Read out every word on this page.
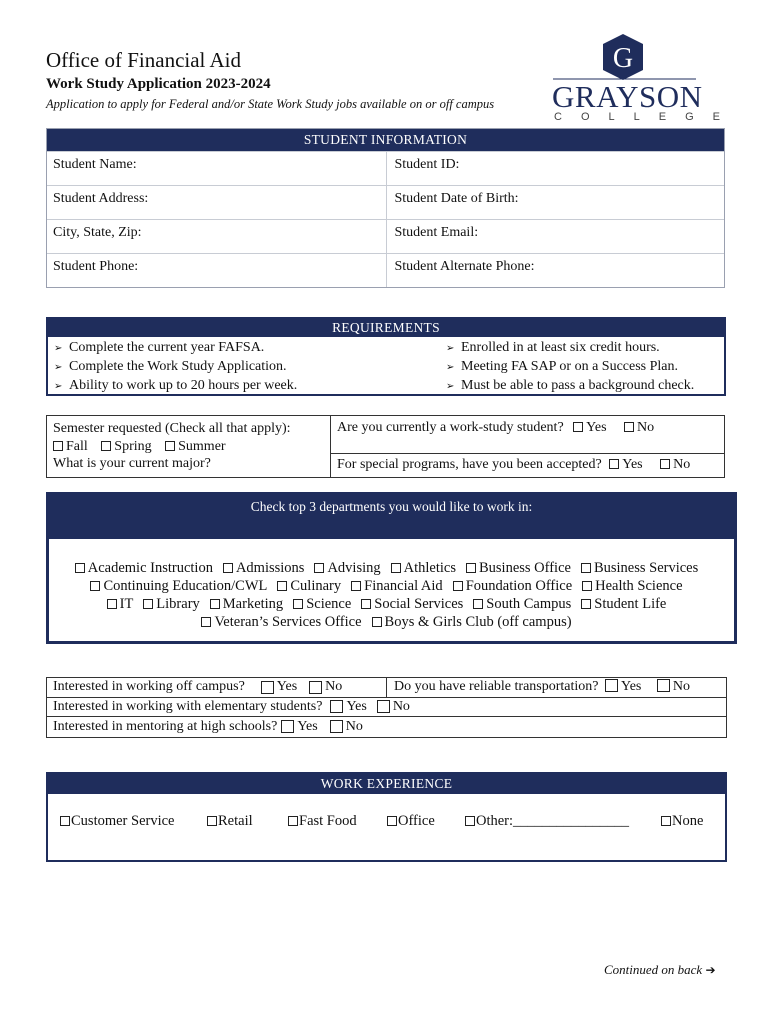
Office of Financial Aid
Work Study Application 2023-2024
Application to apply for Federal and/or State Work Study jobs available on or off campus
G
GRAYSON
COLLEGE
STUDENT INFORMATION
Student Name:	Student ID:
Student Address:	Student Date of Birth:
City, State, Zip:	Student Email:
Student Phone:	Student Alternate Phone:
REQUIREMENTS
➢ Complete the current year FAFSA.
➢ Complete the Work Study Application.
➢ Ability to work up to 20 hours per week.
➢ Enrolled in at least six credit hours.
➢ Meeting FA SAP or on a Success Plan.
➢ Must be able to pass a background check.
Semester requested (Check all that apply):
Fall Spring Summer
What is your current major?
Are you currently a work-study student? Yes No
For special programs, have you been accepted? Yes No
Check top 3 departments you would like to work in:
Academic Instruction Admissions Advising Athletics Business Office Business Services
Continuing Education/CWL Culinary Financial Aid Foundation Office Health Science
IT Library Marketing Science Social Services South Campus Student Life
Veteran’s Services Office Boys & Girls Club (off campus)
Interested in working off campus? Yes No	Do you have reliable transportation? Yes No
Interested in working with elementary students? Yes No
Interested in mentoring at high schools? Yes No
WORK EXPERIENCE
Customer Service	Retail	Fast Food	Office	Other:________________	None
Continued on back ➔
